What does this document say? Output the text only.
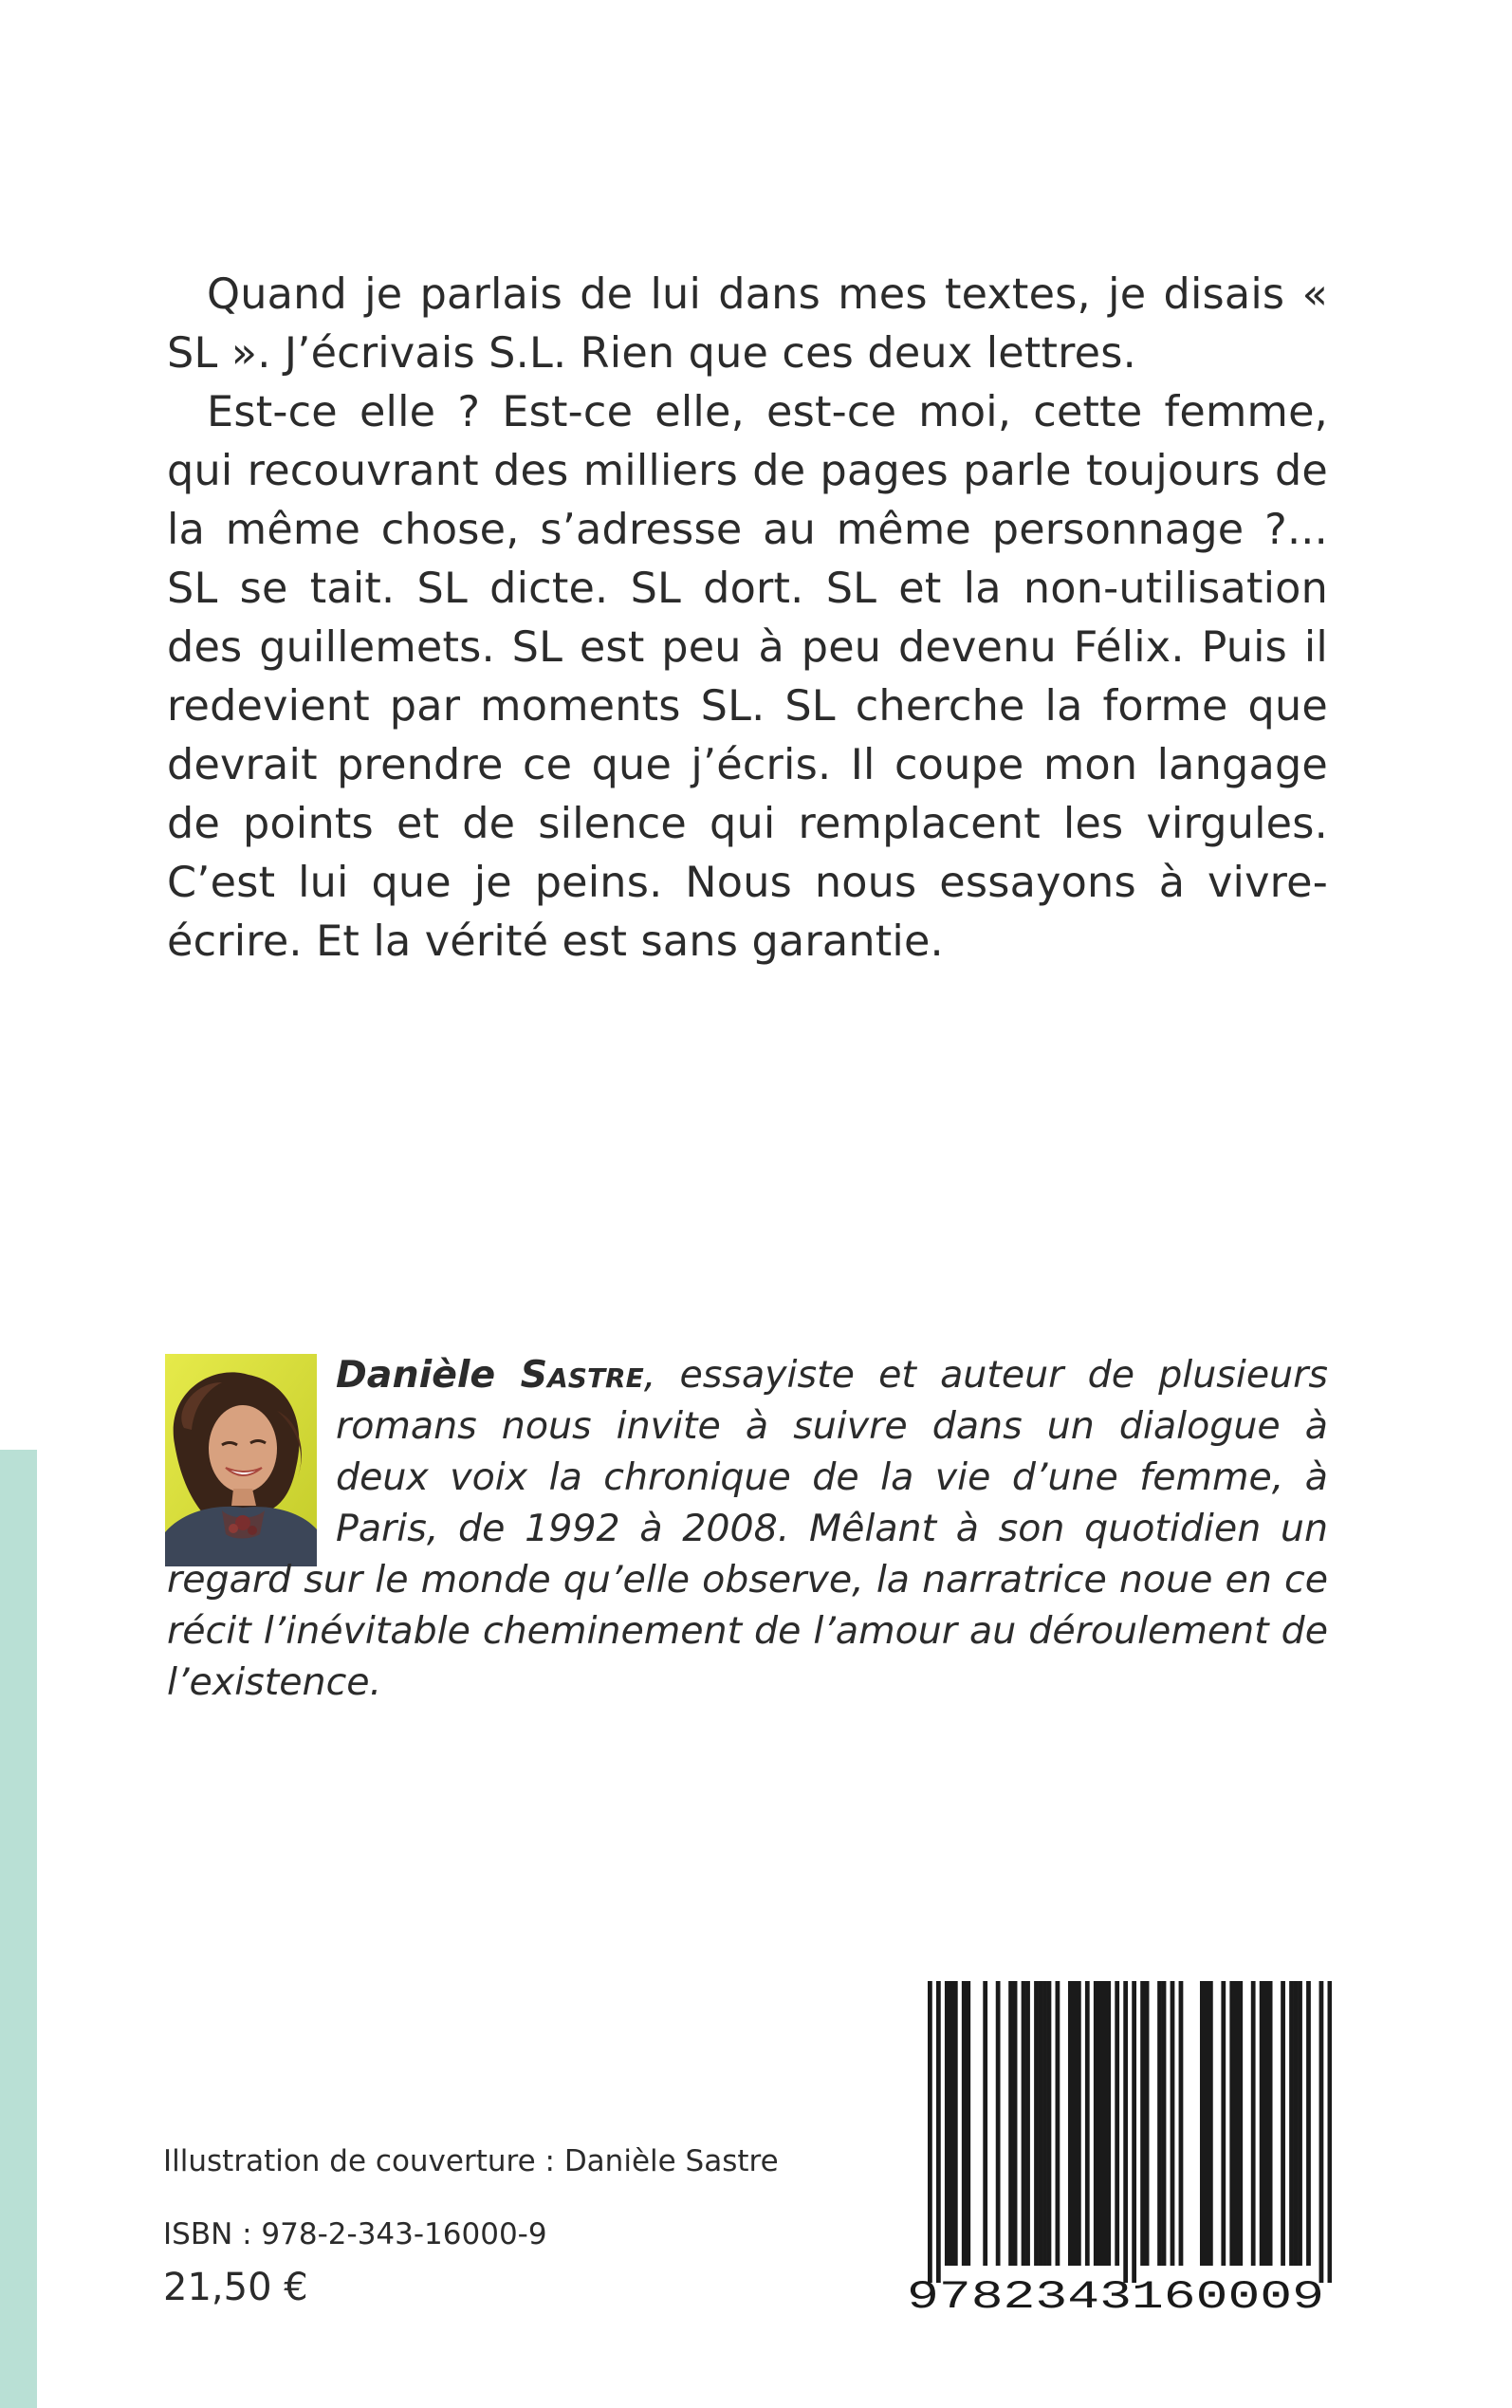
Quand je parlais de lui dans mes textes, je disais « SL ». J’écrivais S.L. Rien que ces deux lettres.

Est-ce elle ? Est-ce elle, est-ce moi, cette femme, qui recouvrant des milliers de pages parle toujours de la même chose, s’adresse au même personnage ?... SL se tait. SL dicte. SL dort. SL et la non-utilisation des guillemets. SL est peu à peu devenu Félix. Puis il redevient par moments SL. SL cherche la forme que devrait prendre ce que j’écris. Il coupe mon langage de points et de silence qui remplacent les virgules. C’est lui que je peins. Nous nous essayons à vivre-écrire. Et la vérité est sans garantie.

Danièle Sastre, essayiste et auteur de plusieurs romans nous invite à suivre dans un dialogue à deux voix la chronique de la vie d’une femme, à Paris, de 1992 à 2008. Mêlant à son quotidien un regard sur le monde qu’elle observe, la narratrice noue en ce récit l’inévitable cheminement de l’amour au déroulement de l’existence.
Illustration de couverture : Danièle Sastre
ISBN : 978-2-343-16000-9
21,50 €	9782343160009
